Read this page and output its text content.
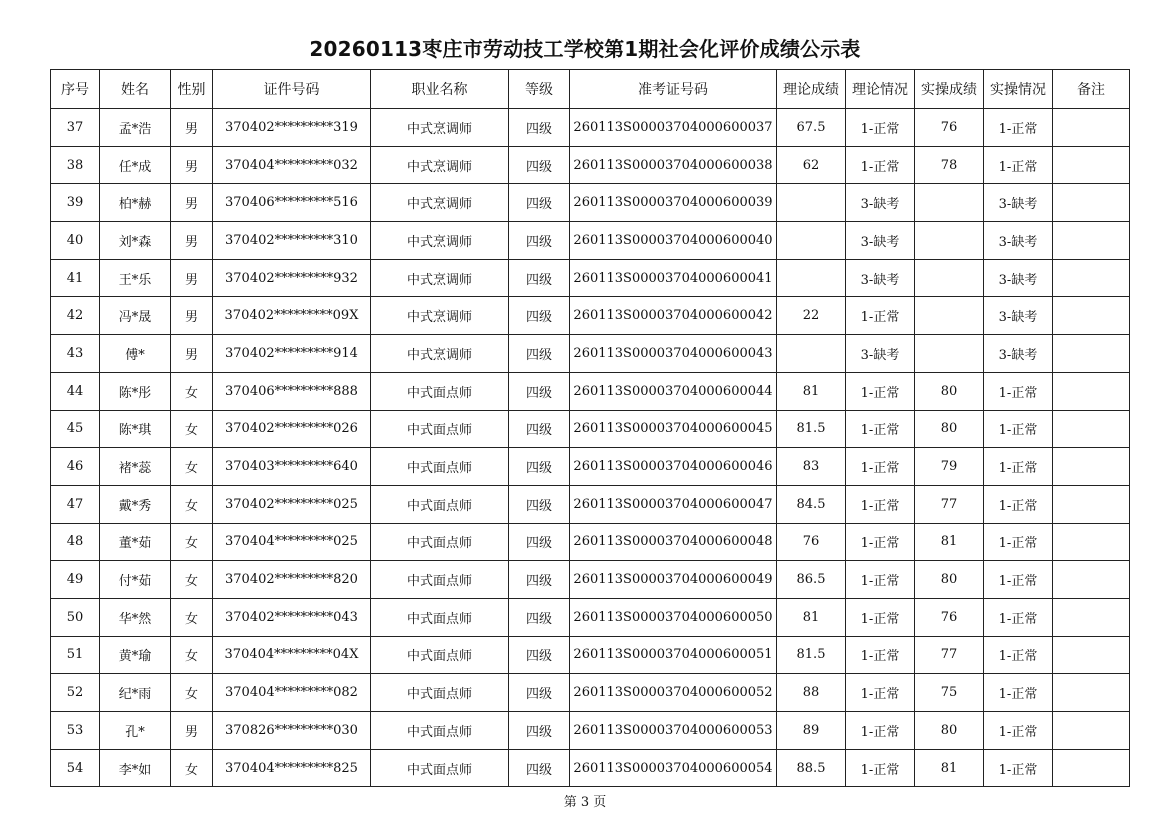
20260113枣庄市劳动技工学校第1期社会化评价成绩公示表
序号	姓名	性别	证件号码	职业名称	等级	准考证号码	理论成绩	理论情况	实操成绩	实操情况	备注
37	孟*浩	男	370402*********319	中式烹调师	四级	260113S00003704000600037	67.5	1-正常	76	1-正常	
38	任*成	男	370404*********032	中式烹调师	四级	260113S00003704000600038	62	1-正常	78	1-正常	
39	柏*赫	男	370406*********516	中式烹调师	四级	260113S00003704000600039		3-缺考		3-缺考	
40	刘*森	男	370402*********310	中式烹调师	四级	260113S00003704000600040		3-缺考		3-缺考	
41	王*乐	男	370402*********932	中式烹调师	四级	260113S00003704000600041		3-缺考		3-缺考	
42	冯*晟	男	370402*********09X	中式烹调师	四级	260113S00003704000600042	22	1-正常		3-缺考	
43	傅*	男	370402*********914	中式烹调师	四级	260113S00003704000600043		3-缺考		3-缺考	
44	陈*彤	女	370406*********888	中式面点师	四级	260113S00003704000600044	81	1-正常	80	1-正常	
45	陈*琪	女	370402*********026	中式面点师	四级	260113S00003704000600045	81.5	1-正常	80	1-正常	
46	褚*蕊	女	370403*********640	中式面点师	四级	260113S00003704000600046	83	1-正常	79	1-正常	
47	戴*秀	女	370402*********025	中式面点师	四级	260113S00003704000600047	84.5	1-正常	77	1-正常	
48	董*茹	女	370404*********025	中式面点师	四级	260113S00003704000600048	76	1-正常	81	1-正常	
49	付*茹	女	370402*********820	中式面点师	四级	260113S00003704000600049	86.5	1-正常	80	1-正常	
50	华*然	女	370402*********043	中式面点师	四级	260113S00003704000600050	81	1-正常	76	1-正常	
51	黄*瑜	女	370404*********04X	中式面点师	四级	260113S00003704000600051	81.5	1-正常	77	1-正常	
52	纪*雨	女	370404*********082	中式面点师	四级	260113S00003704000600052	88	1-正常	75	1-正常	
53	孔*	男	370826*********030	中式面点师	四级	260113S00003704000600053	89	1-正常	80	1-正常	
54	李*如	女	370404*********825	中式面点师	四级	260113S00003704000600054	88.5	1-正常	81	1-正常	
第 3 页
